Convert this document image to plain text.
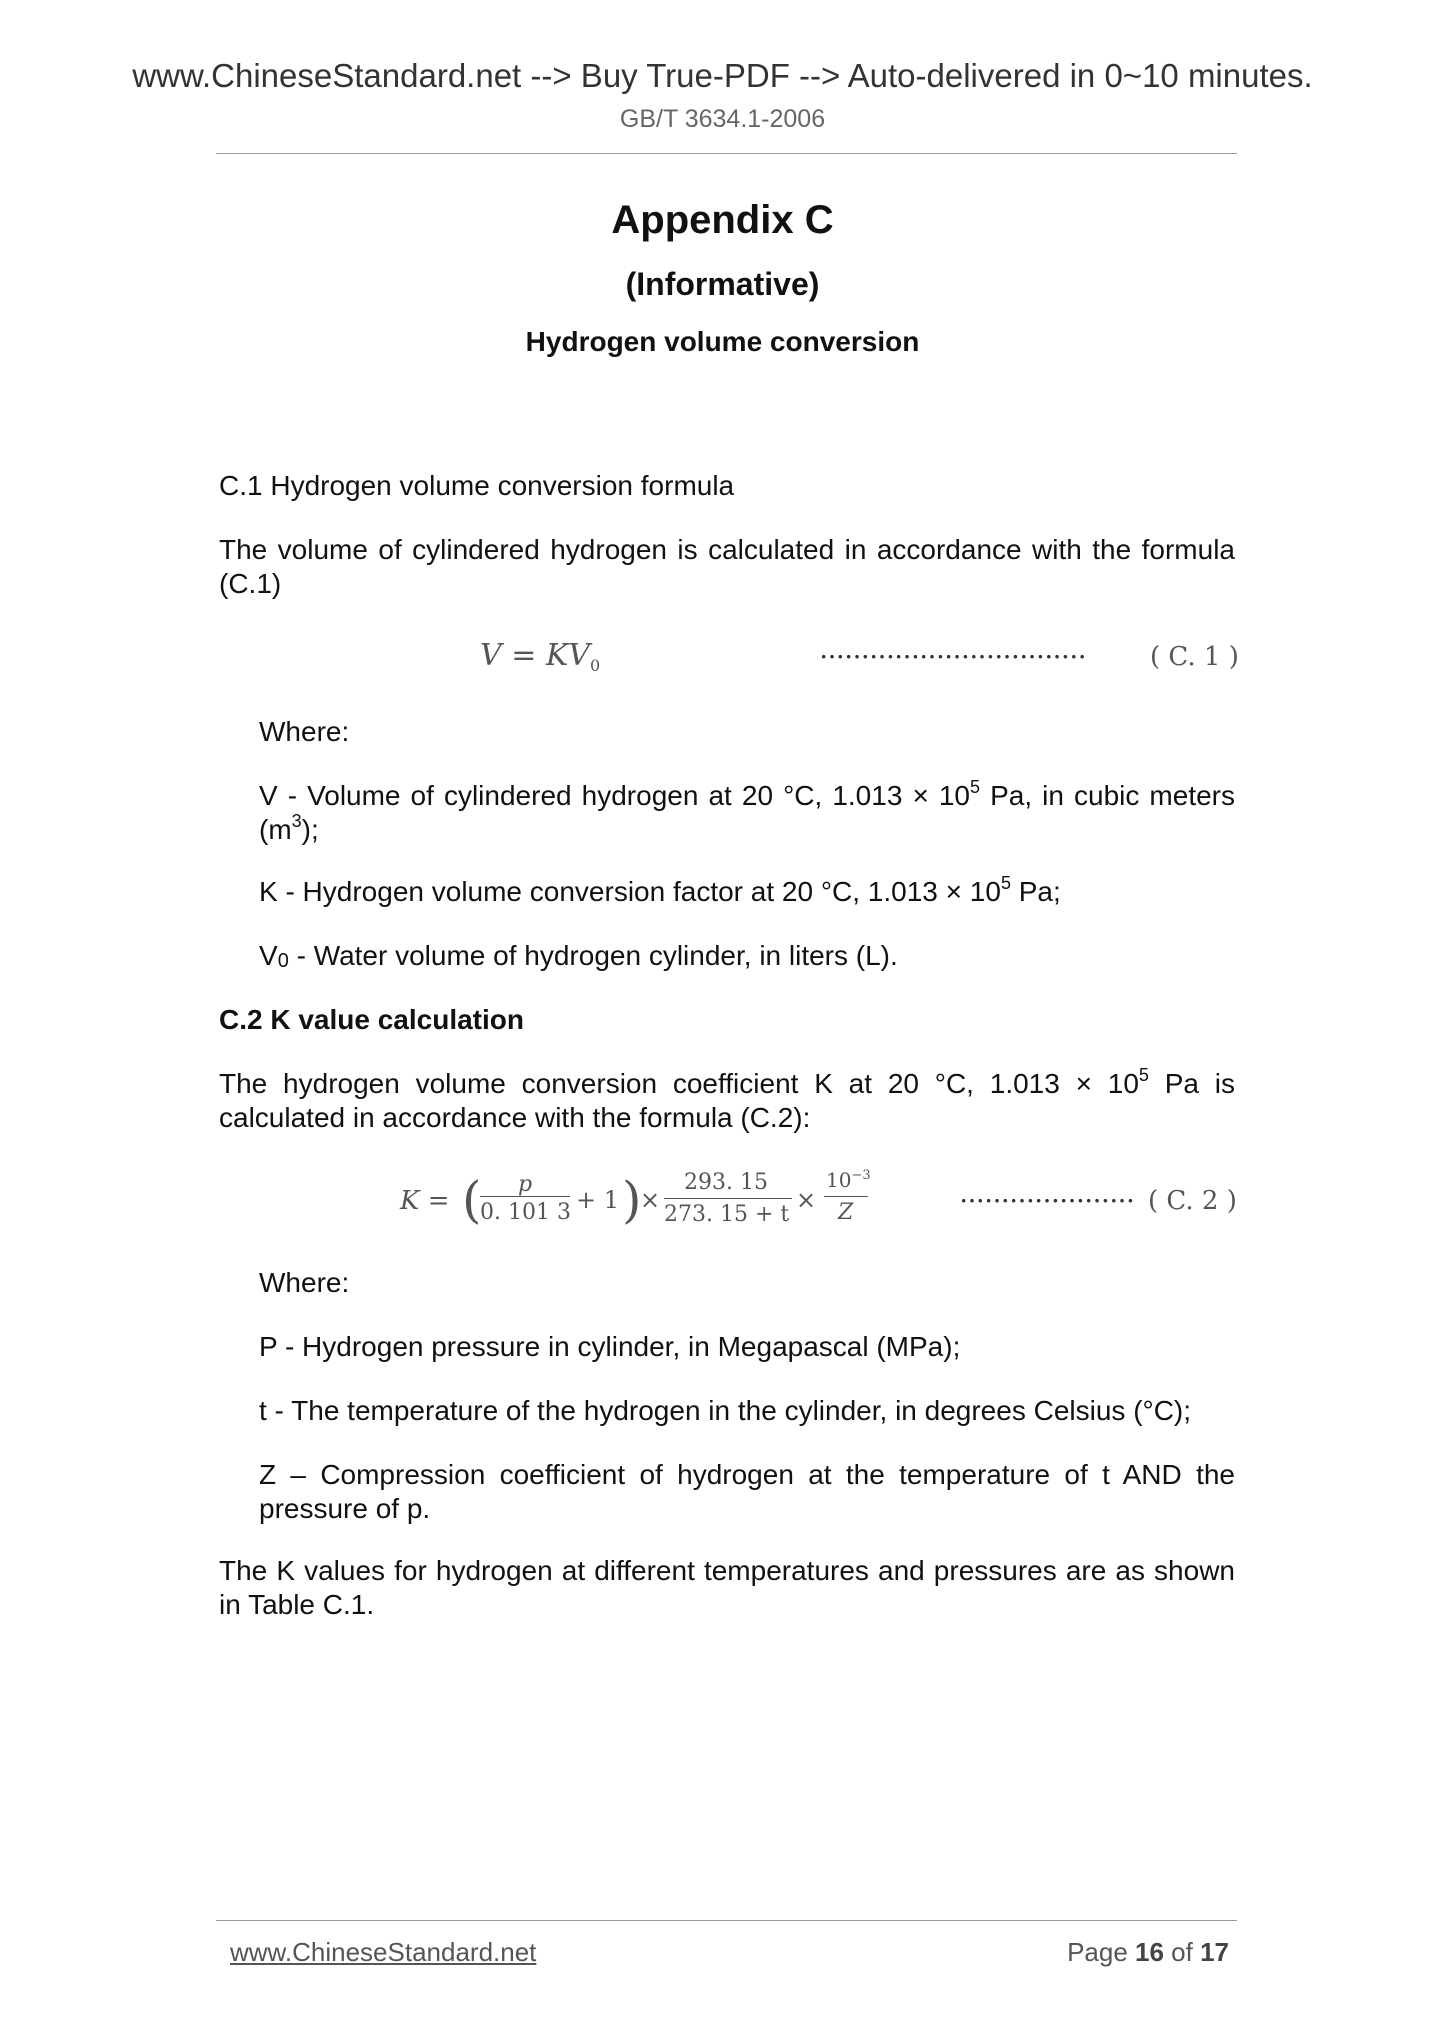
www.ChineseStandard.net --> Buy True-PDF --> Auto-delivered in 0~10 minutes.
GB/T 3634.1-2006
Appendix C
(Informative)
Hydrogen volume conversion
C.1 Hydrogen volume conversion formula
The volume of cylindered hydrogen is calculated in accordance with the formula (C.1)
$V = KV_0$	································ ( C. 1 )
Where:
V - Volume of cylindered hydrogen at 20 °C, $1.013 \times 10^5$ Pa, in cubic meters $(m^3)$;
K - Hydrogen volume conversion factor at 20 °C, $1.013 \times 10^5$ Pa;
V0 - Water volume of hydrogen cylinder, in liters (L).
C.2 K value calculation
The hydrogen volume conversion coefficient K at 20 °C, $1.013 \times 10^5$ Pa is calculated in accordance with the formula (C.2):
K = ( p
0. 101 3 + 1 )
×
293. 15
273. 15 + t
×
$10^{-3}$
Z	····················· ( C. 2 )
Where:
P - Hydrogen pressure in cylinder, in Megapascal (MPa);
t - The temperature of the hydrogen in the cylinder, in degrees Celsius (°C);
Z – Compression coefficient of hydrogen at the temperature of t AND the pressure of p.
The K values for hydrogen at different temperatures and pressures are as shown in Table C.1.
www.ChineseStandard.net	Page 16 of 17
